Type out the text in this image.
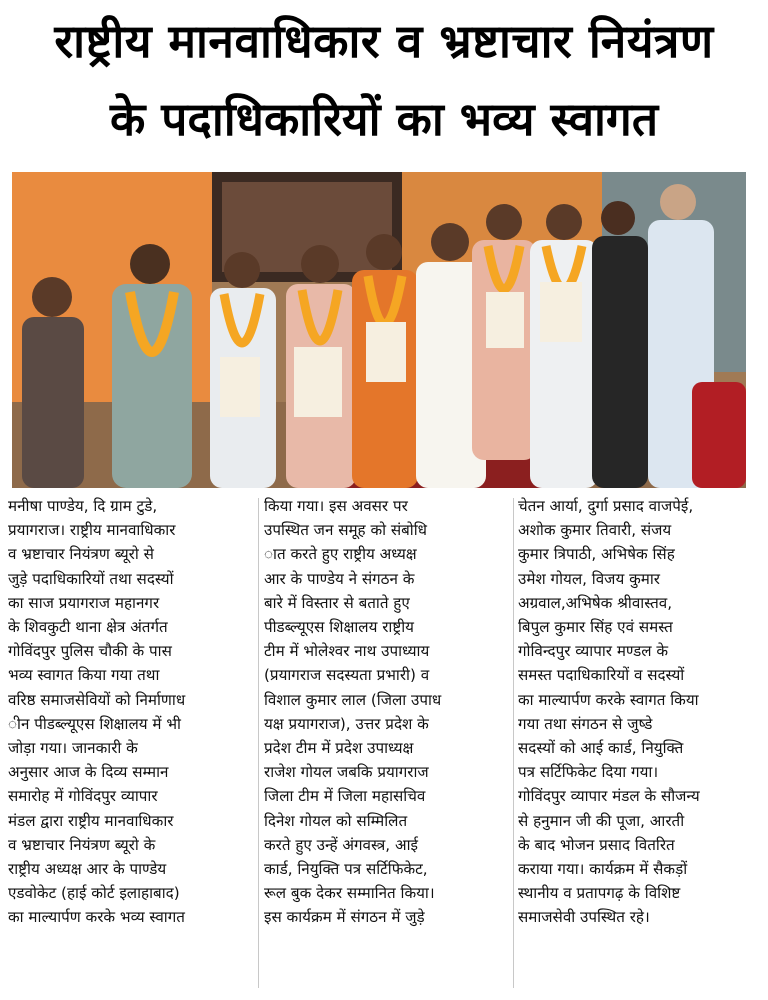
राष्ट्रीय मानवाधिकार व भ्रष्टाचार नियंत्रण
के पदाधिकारियों का भव्य स्वागत
मनीषा पाण्डेय, दि ग्राम टुडे,
प्रयागराज। राष्ट्रीय मानवाधिकार
व भ्रष्टाचार नियंत्रण ब्यूरो से
जुड़े पदाधिकारियों तथा सदस्यों
का साज प्रयागराज महानगर
के शिवकुटी थाना क्षेत्र अंतर्गत
गोविंदपुर पुलिस चौकी के पास
भव्य स्वागत किया गया तथा
वरिष्ठ समाजसेवियों को निर्माणाध
ीन पीडब्ल्यूएस शिक्षालय में भी
जोड़ा गया। जानकारी के
अनुसार आज के दिव्य सम्मान
समारोह में गोविंदपुर व्यापार
मंडल द्वारा राष्ट्रीय मानवाधिकार
व भ्रष्टाचार नियंत्रण ब्यूरो के
राष्ट्रीय अध्यक्ष आर के पाण्डेय
एडवोकेट (हाई कोर्ट इलाहाबाद)
का माल्यार्पण करके भव्य स्वागत
किया गया। इस अवसर पर
उपस्थित जन समूह को संबोधि
ात करते हुए राष्ट्रीय अध्यक्ष
आर के पाण्डेय ने संगठन के
बारे में विस्तार से बताते हुए
पीडब्ल्यूएस शिक्षालय राष्ट्रीय
टीम में भोलेश्वर नाथ उपाध्याय
(प्रयागराज सदस्यता प्रभारी) व
विशाल कुमार लाल (जिला उपाध
यक्ष प्रयागराज), उत्तर प्रदेश के
प्रदेश टीम में प्रदेश उपाध्यक्ष
राजेश गोयल जबकि प्रयागराज
जिला टीम में जिला महासचिव
दिनेश गोयल को सम्मिलित
करते हुए उन्हें अंगवस्त्र, आई
कार्ड, नियुक्ति पत्र सर्टिफिकेट,
रूल बुक देकर सम्मानित किया।
इस कार्यक्रम में संगठन में जुड़े
चेतन आर्या, दुर्गा प्रसाद वाजपेई,
अशोक कुमार तिवारी, संजय
कुमार त्रिपाठी, अभिषेक सिंह
उमेश गोयल, विजय कुमार
अग्रवाल,अभिषेक श्रीवास्तव,
बिपुल कुमार सिंह एवं समस्त
गोविन्दपुर व्यापार मण्डल के
समस्त पदाधिकारियों व सदस्यों
का माल्यार्पण करके स्वागत किया
गया तथा संगठन से जुष्डे
सदस्यों को आई कार्ड, नियुक्ति
पत्र सर्टिफिकेट दिया गया।
गोविंदपुर व्यापार मंडल के सौजन्य
से हनुमान जी की पूजा, आरती
के बाद भोजन प्रसाद वितरित
कराया गया। कार्यक्रम में सैकड़ों
स्थानीय व प्रतापगढ़ के विशिष्ट
समाजसेवी उपस्थित रहे।
